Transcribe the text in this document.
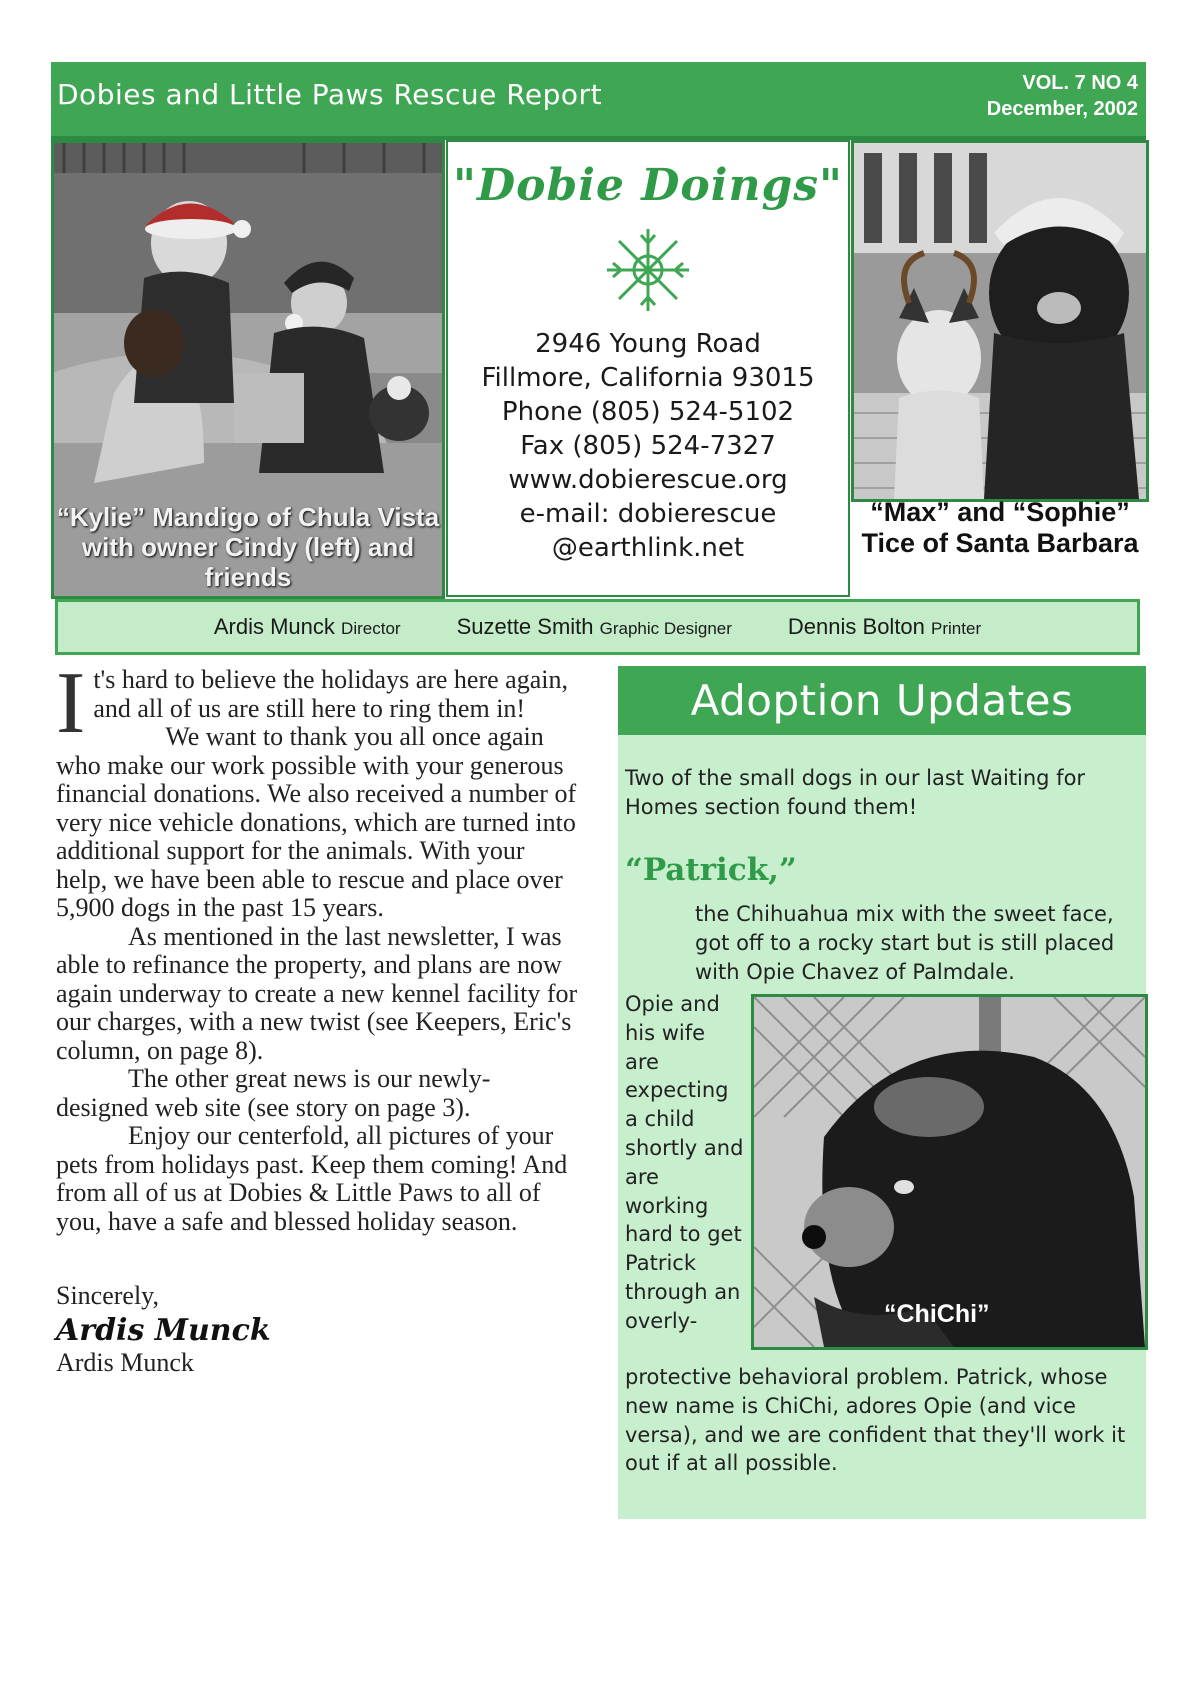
Dobies and Little Paws Rescue Report	VOL. 7 NO 4
December, 2002
“Kylie” Mandigo of Chula Vista with owner Cindy (left) and friends
"Dobie Doings"
2946 Young Road
Fillmore, California 93015
Phone (805) 524-5102
Fax (805) 524-7327
www.dobierescue.org
e-mail: dobierescue
@earthlink.net
“Max” and “Sophie” Tice of Santa Barbara
Ardis Munck Director	Suzette Smith Graphic Designer	Dennis Bolton Printer

It's hard to believe the holidays are here again, and all of us are still here to ring them in!

We want to thank you all once again who make our work possible with your generous financial donations. We also received a number of very nice vehicle donations, which are turned into additional support for the animals. With your help, we have been able to rescue and place over 5,900 dogs in the past 15 years.

As mentioned in the last newsletter, I was able to refinance the property, and plans are now again underway to create a new kennel facility for our charges, with a new twist (see Keepers, Eric's column, on page 8).

The other great news is our newly-designed web site (see story on page 3).

Enjoy our centerfold, all pictures of your pets from holidays past. Keep them coming! And from all of us at Dobies & Little Paws to all of you, have a safe and blessed holiday season.

Sincerely,

Ardis Munck
Ardis Munck
Adoption Updates
Two of the small dogs in our last Waiting for Homes section found them!
“Patrick,”
the Chihuahua mix with the sweet face, got off to a rocky start but is still placed with Opie Chavez of Palmdale.
Opie and his wife are expecting a child shortly and are working hard to get Patrick through an overly-
protective behavioral problem. Patrick, whose new name is ChiChi, adores Opie (and vice versa), and we are confident that they'll work it out if at all possible.
“ChiChi”
